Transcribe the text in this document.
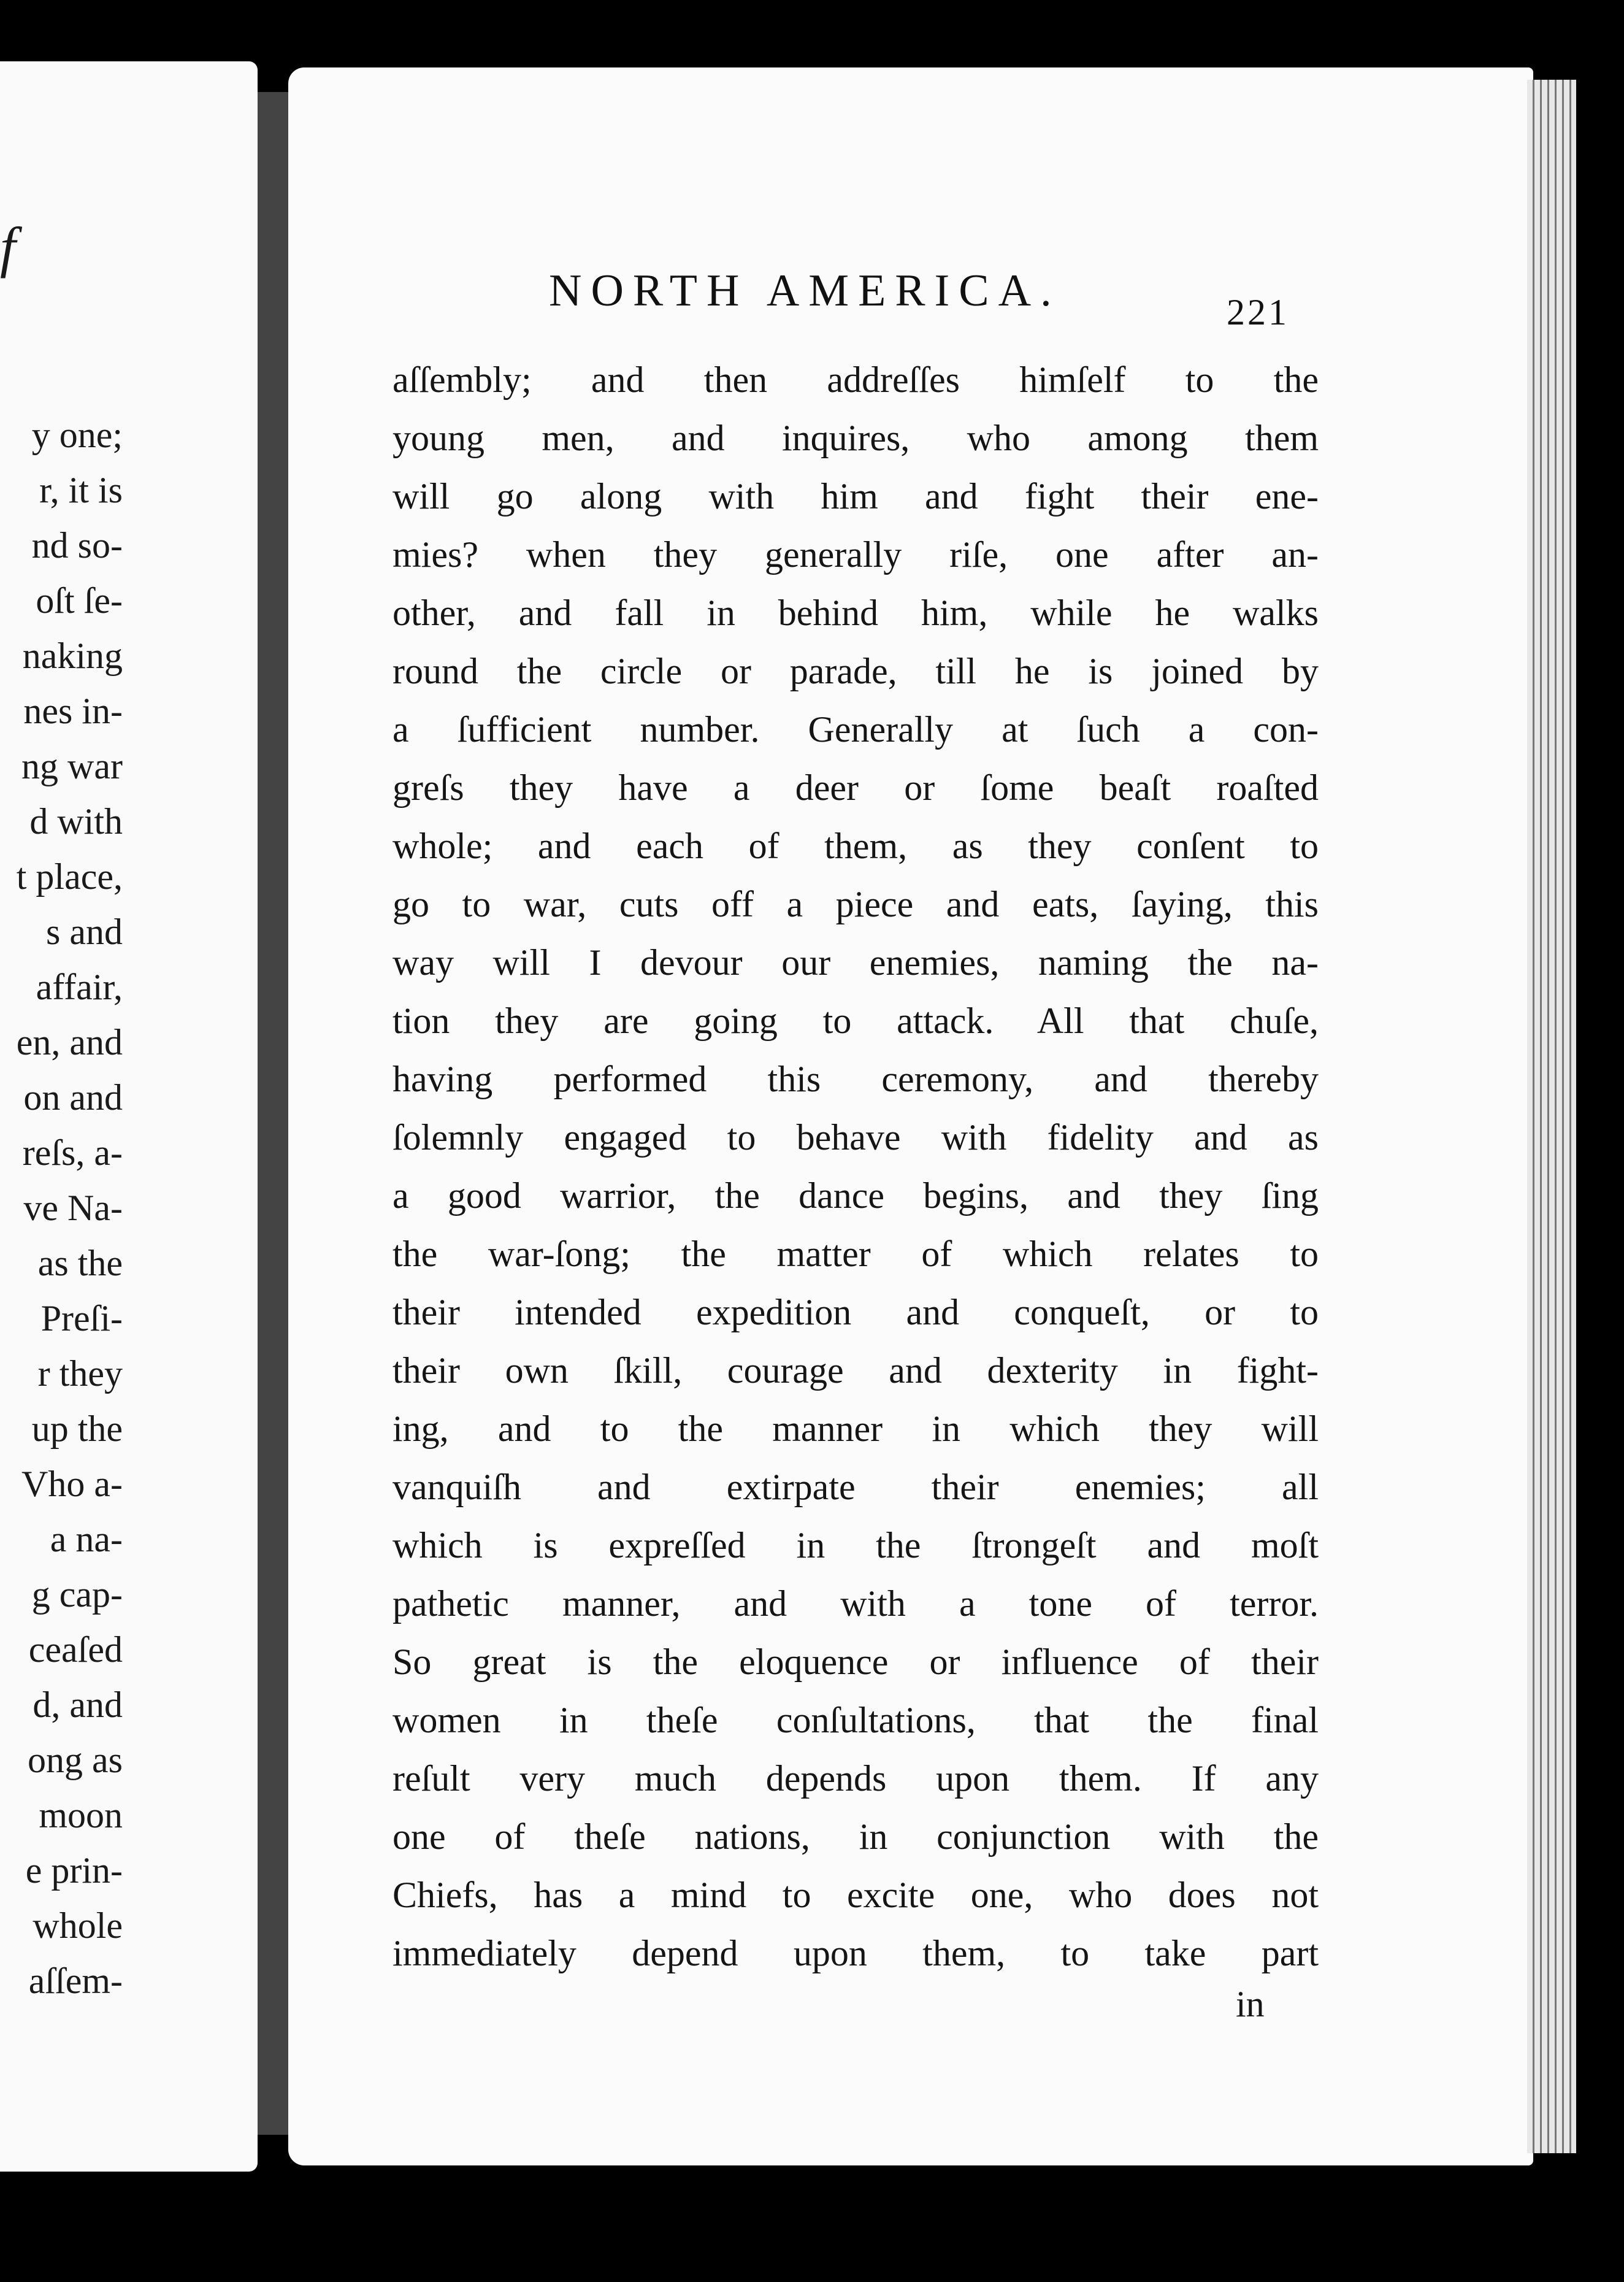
f
y one;
r, it is
nd so-
oſt ſe-
naking
nes in-
ng war
d with
t place,
s and
affair,
en, and
on and
reſs, a-
ve Na-
as the
Preſi-
r they
up the
Vho a-
a na-
g cap-
ceaſed
d, and
ong as
moon
e prin-
whole
aſſem-
NORTH AMERICA.	221
aſſembly; and then addreſſes himſelf to the
young men, and inquires, who among them
will go along with him and fight their ene-
mies? when they generally riſe, one after an-
other, and fall in behind him, while he walks
round the circle or parade, till he is joined by
a ſufficient number. Generally at ſuch a con-
greſs they have a deer or ſome beaſt roaſted
whole; and each of them, as they conſent to
go to war, cuts off a piece and eats, ſaying, this
way will I devour our enemies, naming the na-
tion they are going to attack. All that chuſe,
having performed this ceremony, and thereby
ſolemnly engaged to behave with fidelity and as
a good warrior, the dance begins, and they ſing
the war-ſong; the matter of which relates to
their intended expedition and conqueſt, or to
their own ſkill, courage and dexterity in fight-
ing, and to the manner in which they will
vanquiſh and extirpate their enemies; all
which is expreſſed in the ſtrongeſt and moſt
pathetic manner, and with a tone of terror.
So great is the eloquence or influence of their
women in theſe conſultations, that the final
reſult very much depends upon them. If any
one of theſe nations, in conjunction with the
Chiefs, has a mind to excite one, who does not
immediately depend upon them, to take part
in
